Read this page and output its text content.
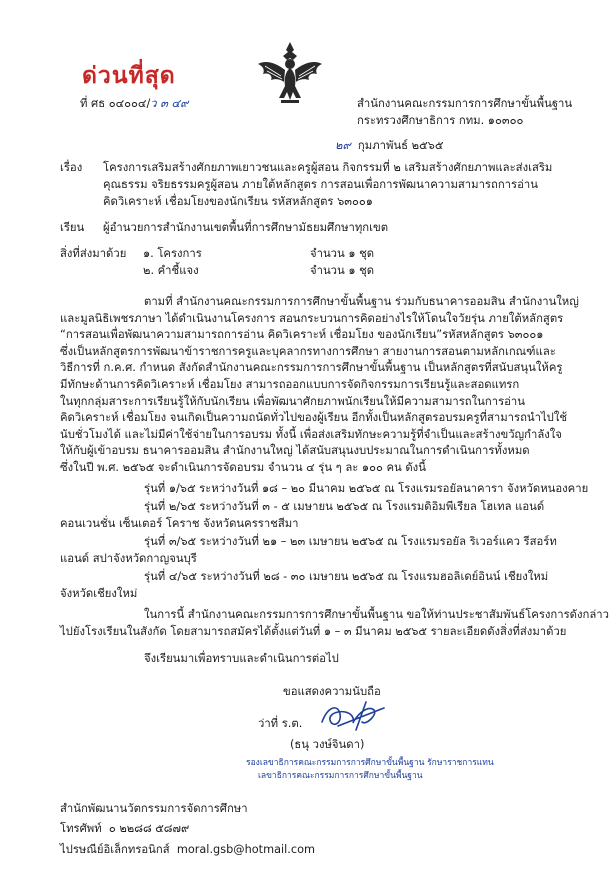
ด่วนที่สุด
ที่ ศธ ๐๔๐๐๔/ว ๓ ๔๙	สำนักงานคณะกรรมการการศึกษาขั้นพื้นฐาน
กระทรวงศึกษาธิการ กทม. ๑๐๓๐๐
๒๙ กุมภาพันธ์ ๒๕๖๕
เรื่อง โครงการเสริมสร้างศักยภาพเยาวชนและครูผู้สอน กิจกรรมที่ ๒ เสริมสร้างศักยภาพและส่งเสริม
คุณธรรม จริยธรรมครูผู้สอน ภายใต้หลักสูตร การสอนเพื่อการพัฒนาความสามารถการอ่าน
คิดวิเคราะห์ เชื่อมโยงของนักเรียน รหัสหลักสูตร ๖๓๐๐๑
เรียน ผู้อำนวยการสำนักงานเขตพื้นที่การศึกษามัธยมศึกษาทุกเขต
สิ่งที่ส่งมาด้วย ๑. โครงการ	จำนวน ๑ ชุด
๒. คำชี้แจง	จำนวน ๑ ชุด
ตามที่ สำนักงานคณะกรรมการการศึกษาขั้นพื้นฐาน ร่วมกับธนาคารออมสิน สำนักงานใหญ่
และมูลนิธิเพชรภาษา ได้ดำเนินงานโครงการ สอนกระบวนการคิดอย่างไรให้โดนใจวัยรุ่น ภายใต้หลักสูตร
“การสอนเพื่อพัฒนาความสามารถการอ่าน คิดวิเคราะห์ เชื่อมโยง ของนักเรียน”รหัสหลักสูตร ๖๓๐๐๑
ซึ่งเป็นหลักสูตรการพัฒนาข้าราชการครูและบุคลากรทางการศึกษา สายงานการสอนตามหลักเกณฑ์และ
วิธีการที่ ก.ค.ศ. กำหนด สังกัดสำนักงานคณะกรรมการการศึกษาขั้นพื้นฐาน เป็นหลักสูตรที่สนับสนุนให้ครู
มีทักษะด้านการคิดวิเคราะห์ เชื่อมโยง สามารถออกแบบการจัดกิจกรรมการเรียนรู้และสอดแทรก
ในทุกกลุ่มสาระการเรียนรู้ให้กับนักเรียน เพื่อพัฒนาศักยภาพนักเรียนให้มีความสามารถในการอ่าน
คิดวิเคราะห์ เชื่อมโยง จนเกิดเป็นความถนัดทั่วไปของผู้เรียน อีกทั้งเป็นหลักสูตรอบรมครูที่สามารถนำไปใช้
นับชั่วโมงได้ และไม่มีค่าใช้จ่ายในการอบรม ทั้งนี้ เพื่อส่งเสริมทักษะความรู้ที่จำเป็นและสร้างขวัญกำลังใจ
ให้กับผู้เข้าอบรม ธนาคารออมสิน สำนักงานใหญ่ ได้สนับสนุนงบประมาณในการดำเนินการทั้งหมด
ซึ่งในปี พ.ศ. ๒๕๖๕ จะดำเนินการจัดอบรม จำนวน ๔ รุ่น ๆ ละ ๑๐๐ คน ดังนี้
รุ่นที่ ๑/๖๕ ระหว่างวันที่ ๑๘ – ๒๐ มีนาคม ๒๕๖๕ ณ โรงแรมรอยัลนาคารา จังหวัดหนองคาย
รุ่นที่ ๒/๖๕ ระหว่างวันที่ ๓ - ๕ เมษายน ๒๕๖๕ ณ โรงแรมดิอิมพีเรียล โฮเทล แอนด์
คอนเวนชั่น เซ็นเตอร์ โคราช จังหวัดนครราชสีมา
รุ่นที่ ๓/๖๕ ระหว่างวันที่ ๒๑ – ๒๓ เมษายน ๒๕๖๕ ณ โรงแรมรอยัล ริเวอร์แคว รีสอร์ท
แอนด์ สปาจังหวัดกาญจนบุรี
รุ่นที่ ๔/๖๕ ระหว่างวันที่ ๒๘ - ๓๐ เมษายน ๒๕๖๕ ณ โรงแรมฮอลิเดย์อินน์ เชียงใหม่
จังหวัดเชียงใหม่
ในการนี้ สำนักงานคณะกรรมการการศึกษาขั้นพื้นฐาน ขอให้ท่านประชาสัมพันธ์โครงการดังกล่าว
ไปยังโรงเรียนในสังกัด โดยสามารถสมัครได้ตั้งแต่วันที่ ๑ – ๓ มีนาคม ๒๕๖๕ รายละเอียดดังสิ่งที่ส่งมาด้วย
จึงเรียนมาเพื่อทราบและดำเนินการต่อไป
ขอแสดงความนับถือ
ว่าที่ ร.ต.
(ธนุ วงษ์จินดา)
รองเลขาธิการคณะกรรมการการศึกษาขั้นพื้นฐาน รักษาราชการแทน
เลขาธิการคณะกรรมการการศึกษาขั้นพื้นฐาน
สำนักพัฒนานวัตกรรมการจัดการศึกษา
โทรศัพท์ ๐ ๒๒๘๘ ๕๘๗๙
ไปรษณีย์อิเล็กทรอนิกส์ moral.gsb@hotmail.com
